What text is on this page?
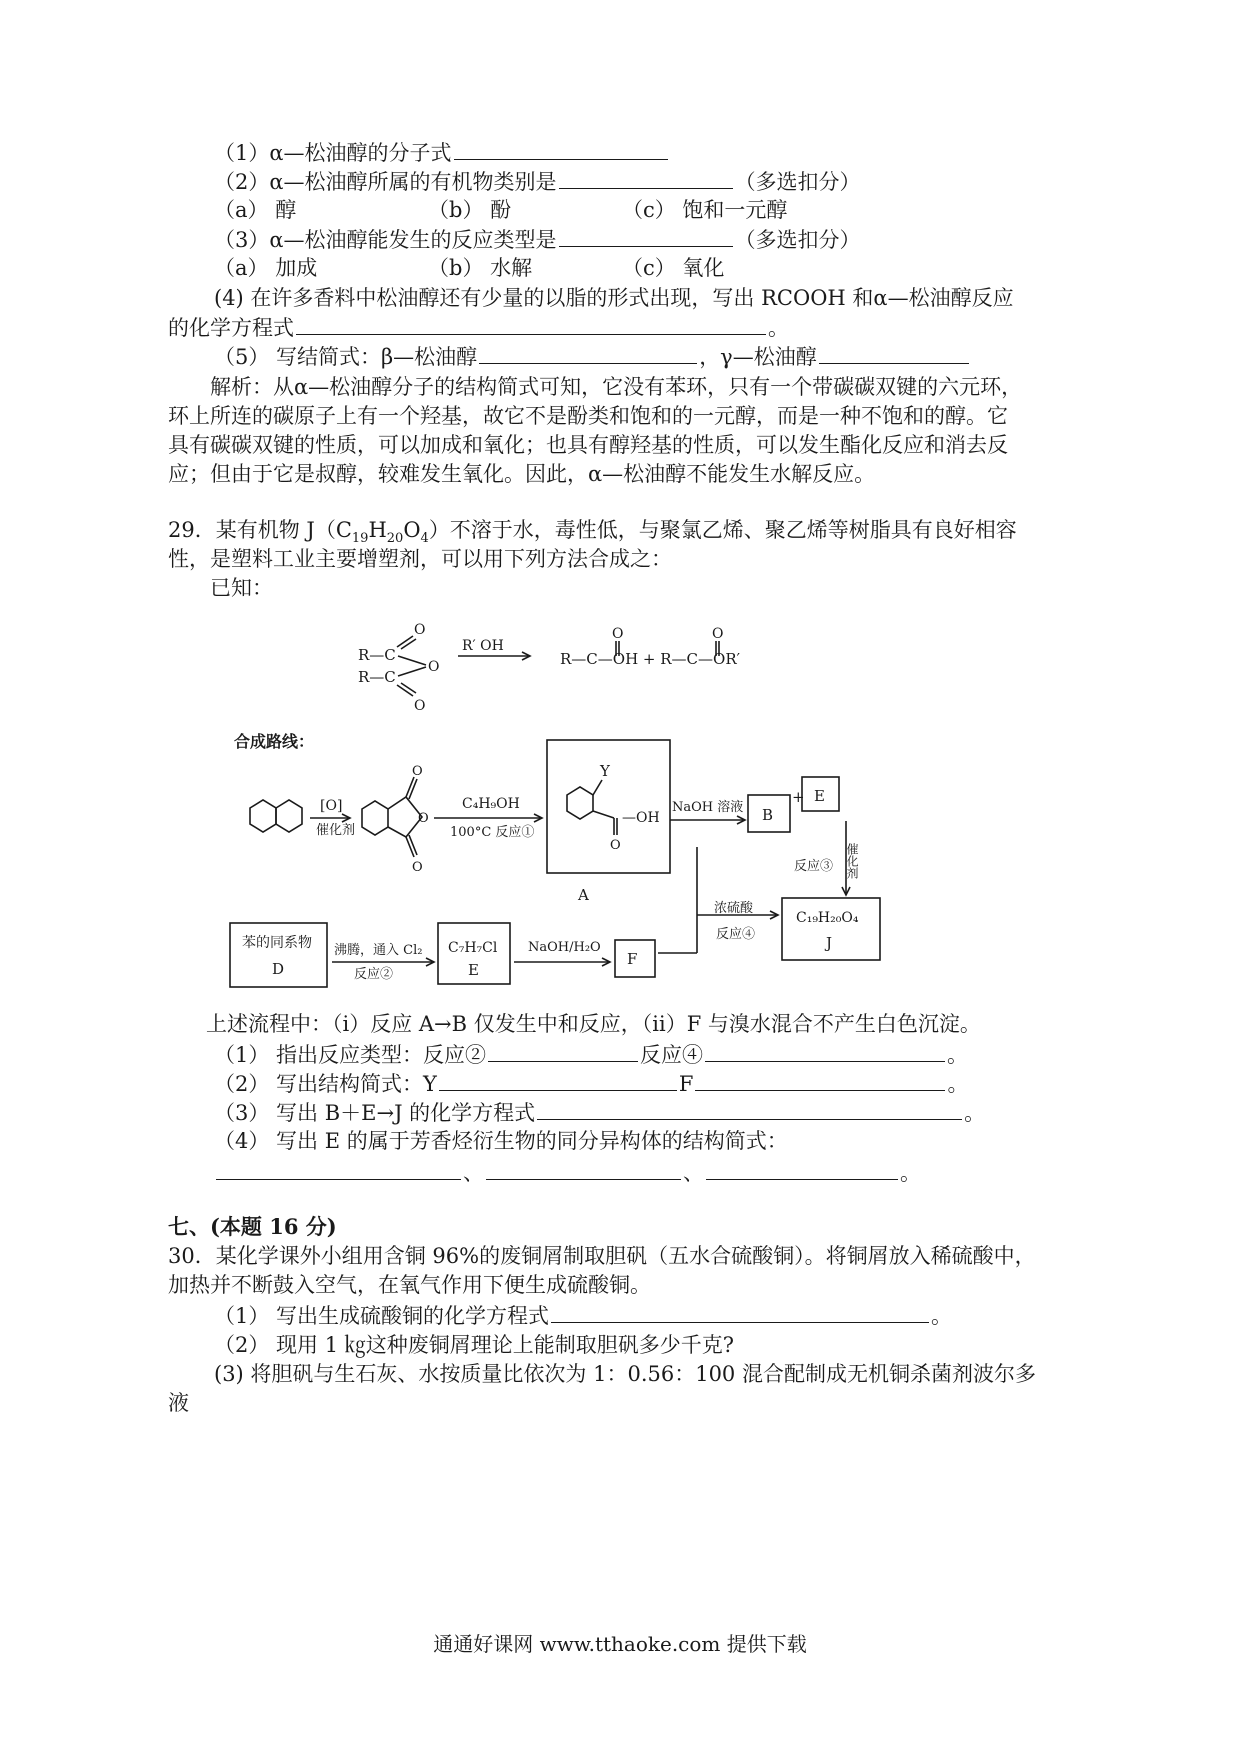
（1）α—松油醇的分子式
（2）α—松油醇所属的有机物类别是	（多选扣分）
（a） 醇	（b） 酚	（c） 饱和一元醇
（3）α—松油醇能发生的反应类型是	（多选扣分）
（a） 加成	（b） 水解	（c） 氧化
(4) 在许多香料中松油醇还有少量的以脂的形式出现，写出 RCOOH 和α—松油醇反应
的化学方程式	。
（5） 写结简式：β—松油醇	，γ—松油醇
解析：从α—松油醇分子的结构简式可知，它没有苯环，只有一个带碳碳双键的六元环，
环上所连的碳原子上有一个羟基，故它不是酚类和饱和的一元醇，而是一种不饱和的醇。它
具有碳碳双键的性质，可以加成和氧化；也具有醇羟基的性质，可以发生酯化反应和消去反
应；但由于它是叔醇，较难发生氧化。因此，α—松油醇不能发生水解反应。
29．某有机物 $J(C_{19}H_{20}O_4)$不溶于水，毒性低，与聚氯乙烯、聚乙烯等树脂具有良好相容
性，是塑料工业主要增塑剂，可以用下列方法合成之：
已知：
R—C
R—C
O
O
O
R′ OH
O	O
R—C—OH + R—C—OR′
合成路线：
[O]
催化剂
O
O
O
C₄H₉OH
100°C 反应①
Y
—OH
O
A
NaOH 溶液 B
+ E
催化剂
反应③
浓硫酸
反应④
C₁₉H₂₀O₄
J
苯的同系物
D
沸腾，通入 Cl₂
反应②
C₇H₇Cl
E
NaOH/H₂O
F
上述流程中：（ⅰ）反应 A→B 仅发生中和反应，（ⅱ）F 与溴水混合不产生白色沉淀。
（1） 指出反应类型：反应②	反应④	。
（2） 写出结构简式：Y	F	。
（3） 写出 B＋E→J 的化学方程式	。
（4） 写出 E 的属于芳香烃衍生物的同分异构体的结构简式：
、	、	。
七、(本题 16 分)
30．某化学课外小组用含铜 96%的废铜屑制取胆矾（五水合硫酸铜）。将铜屑放入稀硫酸中，
加热并不断鼓入空气，在氧气作用下便生成硫酸铜。
（1） 写出生成硫酸铜的化学方程式	。
（2） 现用 1 ㎏这种废铜屑理论上能制取胆矾多少千克?
(3) 将胆矾与生石灰、水按质量比依次为 1：0.56：100 混合配制成无机铜杀菌剂波尔多
液
通通好课网 www.tthaoke.com 提供下载
